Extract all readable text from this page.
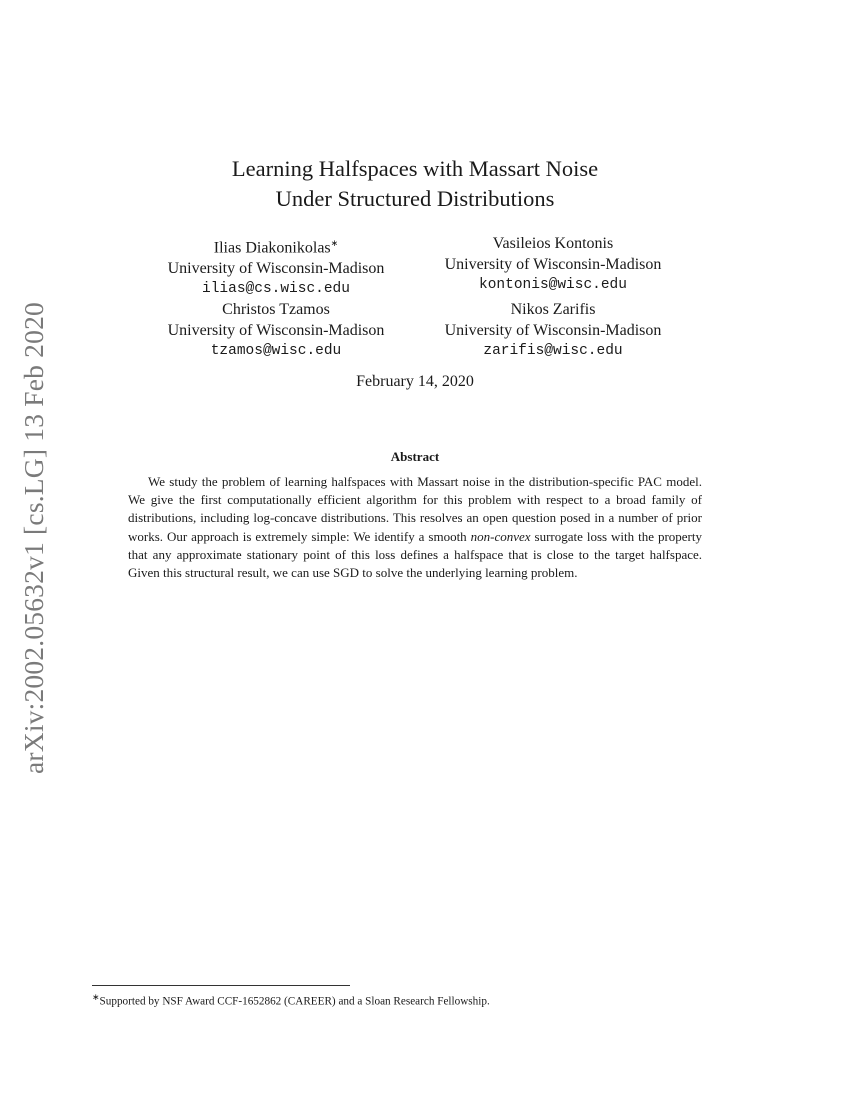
arXiv:2002.05632v1 [cs.LG] 13 Feb 2020
Learning Halfspaces with Massart Noise
Under Structured Distributions
Ilias Diakonikolas∗
University of Wisconsin-Madison
ilias@cs.wisc.edu
Vasileios Kontonis
University of Wisconsin-Madison
kontonis@wisc.edu
Christos Tzamos
University of Wisconsin-Madison
tzamos@wisc.edu
Nikos Zarifis
University of Wisconsin-Madison
zarifis@wisc.edu
February 14, 2020
Abstract
We study the problem of learning halfspaces with Massart noise in the distribution-specific PAC model. We give the first computationally efficient algorithm for this problem with respect to a broad family of distributions, including log-concave distributions. This resolves an open question posed in a number of prior works. Our approach is extremely simple: We identify a smooth non-convex surrogate loss with the property that any approximate stationary point of this loss defines a halfspace that is close to the target halfspace. Given this structural result, we can use SGD to solve the underlying learning problem.
∗Supported by NSF Award CCF-1652862 (CAREER) and a Sloan Research Fellowship.
